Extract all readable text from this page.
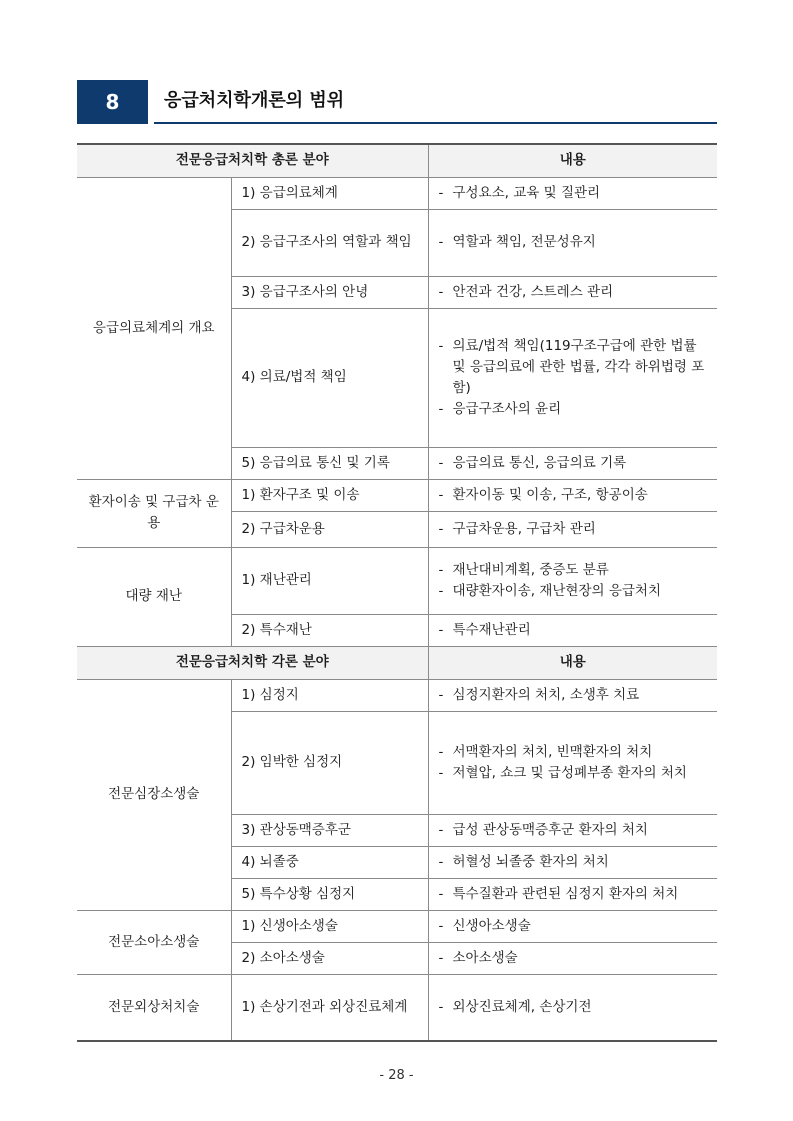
8	응급처치학개론의 범위
전문응급처치학 총론 분야		내용
응급의료체계의 개요	1) 응급의료체계	- 구성요소, 교육 및 질관리

	2) 응급구조사의 역할과 책임	- 역할과 책임, 전문성유지

	3) 응급구조사의 안녕	- 안전과 건강, 스트레스 관리

	4) 의료/법적 책임	- 의료/법적 책임(119구조구급에 관한 법률 및 응급의료에 관한 법률, 각각 하위법령 포함)
- 응급구조사의 윤리

	5) 응급의료 통신 및 기록	- 응급의료 통신, 응급의료 기록

환자이송 및 구급차 운용	1) 환자구조 및 이송	- 환자이동 및 이송, 구조, 항공이송

	2) 구급차운용	- 구급차운용, 구급차 관리

대량 재난	1) 재난관리	- 재난대비계획, 중증도 분류
- 대량환자이송, 재난현장의 응급처치

	2) 특수재난	- 특수재난관리

전문응급처치학 각론 분야		내용
전문심장소생술	1) 심정지	- 심정지환자의 처치, 소생후 치료

	2) 임박한 심정지	- 서맥환자의 처치, 빈맥환자의 처치
- 저혈압, 쇼크 및 급성폐부종 환자의 처치

	3) 관상동맥증후군	- 급성 관상동맥증후군 환자의 처치

	4) 뇌졸중	- 허혈성 뇌졸중 환자의 처치

	5) 특수상황 심정지	- 특수질환과 관련된 심정지 환자의 처치

전문소아소생술	1) 신생아소생술	- 신생아소생술

	2) 소아소생술	- 소아소생술

전문외상처치술	1) 손상기전과 외상진료체계	- 외상진료체계, 손상기전
- 28 -
